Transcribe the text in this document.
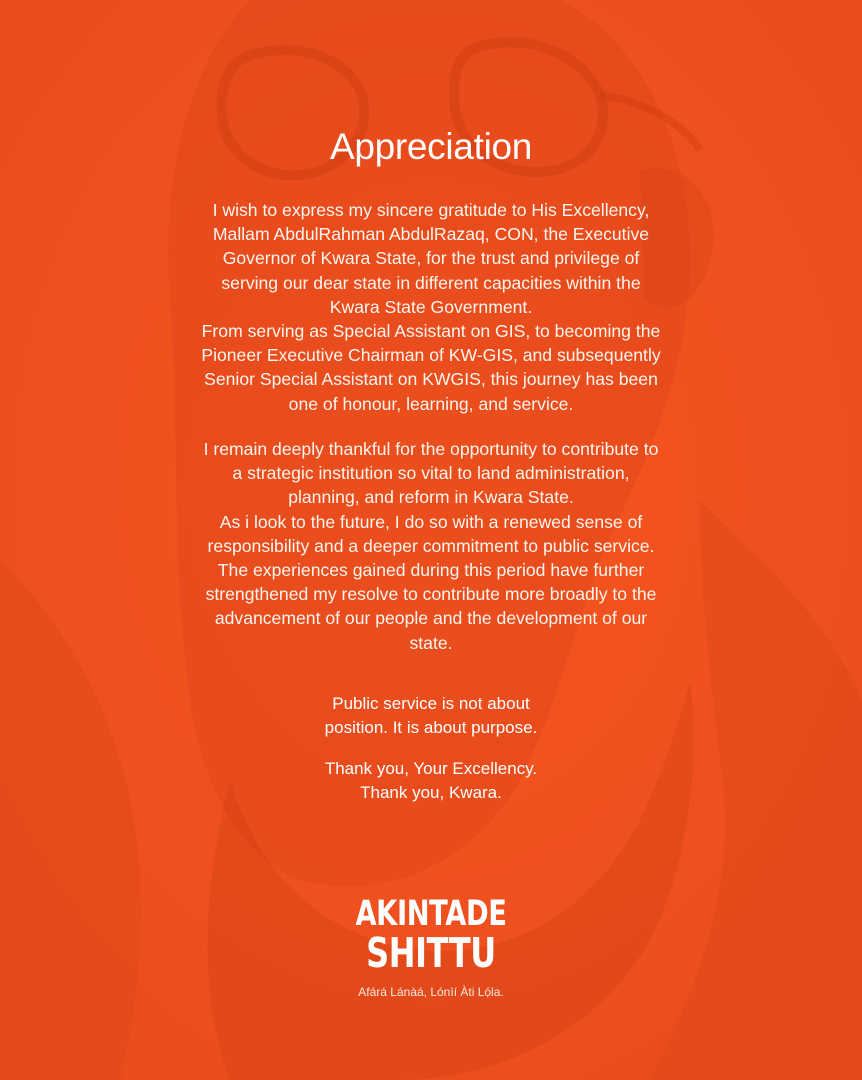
Appreciation

I wish to express my sincere gratitude to His Excellency,

Mallam AbdulRahman AbdulRazaq, CON, the Executive

Governor of Kwara State, for the trust and privilege of

serving our dear state in different capacities within the

Kwara State Government.

From serving as Special Assistant on GIS, to becoming the

Pioneer Executive Chairman of KW-GIS, and subsequently

Senior Special Assistant on KWGIS, this journey has been

one of honour, learning, and service.

I remain deeply thankful for the opportunity to contribute to

a strategic institution so vital to land administration,

planning, and reform in Kwara State.

As i look to the future, I do so with a renewed sense of

responsibility and a deeper commitment to public service.

The experiences gained during this period have further

strengthened my resolve to contribute more broadly to the

advancement of our people and the development of our

state.

Public service is not about

position. It is about purpose.

Thank you, Your Excellency.

Thank you, Kwara.

AKINTADE
SHITTU
Afárá Lánàá, Lónìí Àti Lọ́la.
